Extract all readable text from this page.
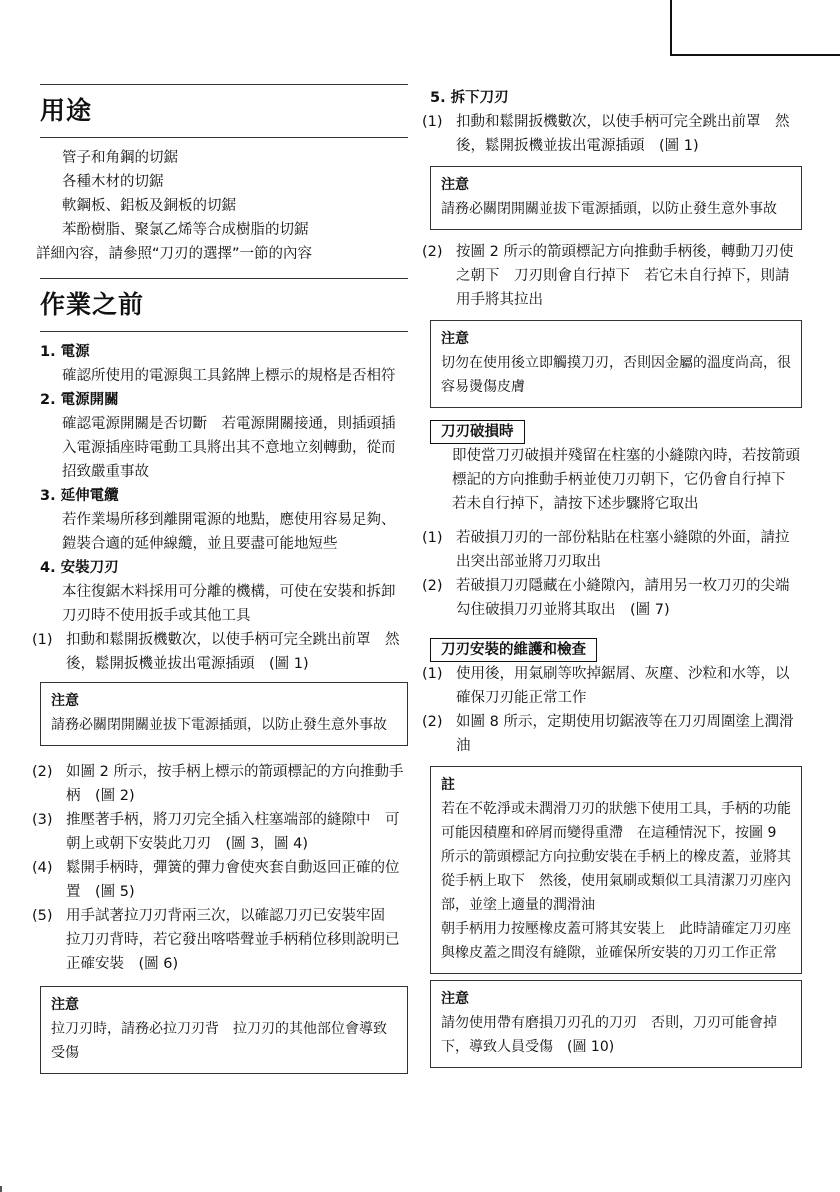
用途
管子和角鋼的切鋸
各種木材的切鋸
軟鋼板、鋁板及銅板的切鋸
苯酚樹脂、聚氯乙烯等合成樹脂的切鋸
詳細內容，請參照“刀刃的選擇”一節的內容
作業之前
1. 電源
確認所使用的電源與工具銘牌上標示的規格是否相符
2. 電源開關
確認電源開關是否切斷　若電源開關接通，則插頭插入電源插座時電動工具將出其不意地立刻轉動，從而招致嚴重事故
3. 延伸電纜
若作業場所移到離開電源的地點，應使用容易足夠、鎧裝合適的延伸線纜，並且要盡可能地短些
4. 安裝刀刃
本往復鋸木料採用可分離的機構，可使在安裝和拆卸刀刃時不使用扳手或其他工具
(1) 扣動和鬆開扳機數次，以使手柄可完全跳出前罩　然後，鬆開扳機並拔出電源插頭　(圖 1)
注意
請務必關閉開關並拔下電源插頭，以防止發生意外事故
(2) 如圖 2 所示，按手柄上標示的箭頭標記的方向推動手柄　(圖 2)
(3) 推壓著手柄，將刀刃完全插入柱塞端部的縫隙中　可朝上或朝下安裝此刀刃　(圖 3，圖 4)
(4) 鬆開手柄時，彈簧的彈力會使夾套自動返回正確的位置　(圖 5)
(5) 用手試著拉刀刃背兩三次，以確認刀刃已安裝牢固　拉刀刃背時，若它發出喀嗒聲並手柄稍位移則說明已正確安裝　(圖 6)
注意
拉刀刃時，請務必拉刀刃背　拉刀刃的其他部位會導致受傷
5. 拆下刀刃
(1) 扣動和鬆開扳機數次，以使手柄可完全跳出前罩　然後，鬆開扳機並拔出電源插頭　(圖 1)
注意
請務必關閉開關並拔下電源插頭，以防止發生意外事故
(2) 按圖 2 所示的箭頭標記方向推動手柄後，轉動刀刃使之朝下　刀刃則會自行掉下　若它未自行掉下，則請用手將其拉出
注意
切勿在使用後立即觸摸刀刃，否則因金屬的溫度尚高，很容易燙傷皮膚
刀刃破損時
即使當刀刃破損并殘留在柱塞的小縫隙內時，若按箭頭標記的方向推動手柄並使刀刃朝下，它仍會自行掉下　若未自行掉下，請按下述步驟將它取出
(1) 若破損刀刃的一部份粘貼在柱塞小縫隙的外面，請拉出突出部並將刀刃取出
(2) 若破損刀刃隱藏在小縫隙內，請用另一枚刀刃的尖端勾住破損刀刃並將其取出　(圖 7)
刀刃安裝的維護和檢查
(1) 使用後，用氣刷等吹掉鋸屑、灰塵、沙粒和水等，以確保刀刃能正常工作
(2) 如圖 8 所示，定期使用切鋸液等在刀刃周圍塗上潤滑油
註
若在不乾淨或未潤滑刀刃的狀態下使用工具，手柄的功能可能因積塵和碎屑而變得重滯　在這種情況下，按圖 9 所示的箭頭標記方向拉動安裝在手柄上的橡皮蓋，並將其從手柄上取下　然後，使用氣刷或類似工具清潔刀刃座內部，並塗上適量的潤滑油
朝手柄用力按壓橡皮蓋可將其安裝上　此時請確定刀刃座與橡皮蓋之間沒有縫隙，並確保所安裝的刀刃工作正常
注意
請勿使用帶有磨損刀刃孔的刀刃　否則，刀刃可能會掉下，導致人員受傷　(圖 10)
